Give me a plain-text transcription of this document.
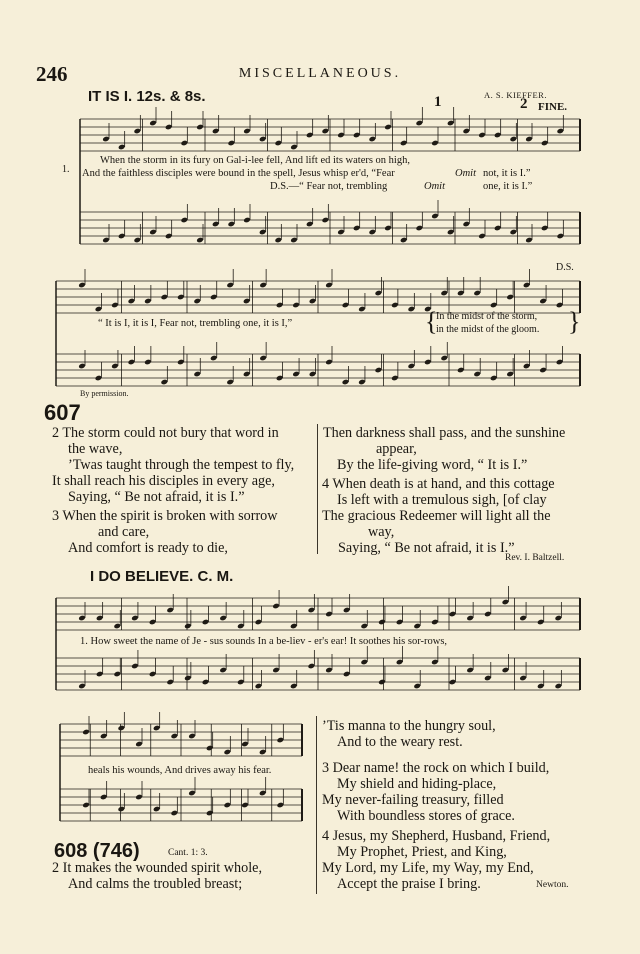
246	MISCELLANEOUS.
IT IS I. 12s. & 8s.	A. S. KIEFFER.
1	2 FINE.
D.S.
1.
When the storm in its fury on Gal-i-lee fell, And lift ed its waters on high,
And the faithless disciples were bound in the spell, Jesus whisp er'd, “Fear	Omit not, it is I.”
D.S.—“ Fear not, trembling	Omit	one, it is I.”
“ It is I, it is I, Fear not, trembling one, it is I,”
In the midst of the storm,
in the midst of the gloom.
{	}
By permission.
607
2 The storm could not bury that word in
the wave,
’Twas taught through the tempest to fly,
It shall reach his disciples in every age,
Saying, “ Be not afraid, it is I.”
3 When the spirit is broken with sorrow
and care,
And comfort is ready to die,
Then darkness shall pass, and the sunshine
appear,
By the life-giving word, “ It is I.”
4 When death is at hand, and this cottage
Is left with a tremulous sigh, [of clay
The gracious Redeemer will light all the
way,
Saying, “ Be not afraid, it is I.”
Rev. I. Baltzell.
I DO BELIEVE. C. M.
1. How sweet the name of Je - sus sounds In a be-liev - er's ear! It soothes his sor-rows,
heals his wounds, And drives away his fear.
608 (746)	Cant. 1: 3.
2 It makes the wounded spirit whole,
And calms the troubled breast;
’Tis manna to the hungry soul,
And to the weary rest.
3 Dear name! the rock on which I build,
My shield and hiding-place,
My never-failing treasury, filled
With boundless stores of grace.
4 Jesus, my Shepherd, Husband, Friend,
My Prophet, Priest, and King,
My Lord, my Life, my Way, my End,
Accept the praise I bring.	Newton.
